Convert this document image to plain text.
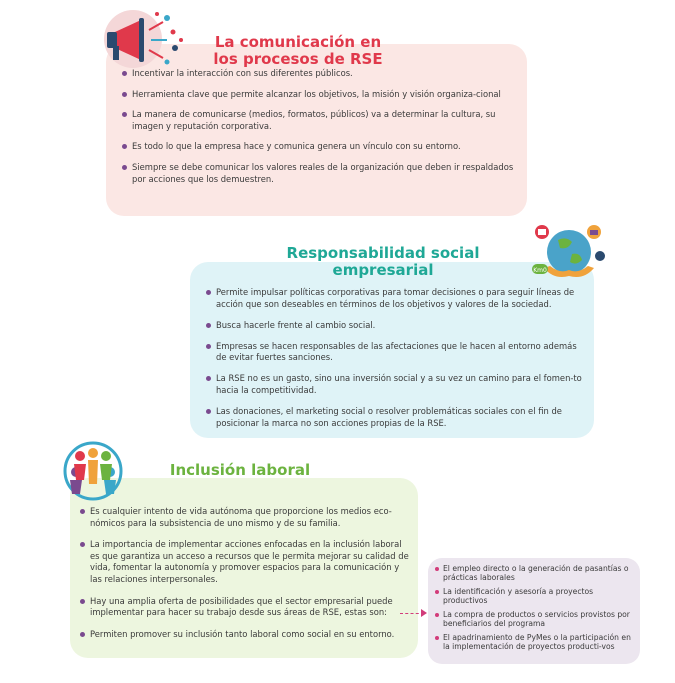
Incentivar la interacción con sus diferentes públicos.
Herramienta clave que permite alcanzar los objetivos, la misión y visión organiza-cional
La manera de comunicarse (medios, formatos, públicos) va a determinar la cultura, su imagen y reputación corporativa.
Es todo lo que la empresa hace y comunica genera un vínculo con su entorno.
Siempre se debe comunicar los valores reales de la organización que deben ir respaldados por acciones que los demuestren.
La comunicación en
los procesos de RSE
Permite impulsar políticas corporativas para tomar decisiones o para seguir líneas de acción que son deseables en términos de los objetivos y valores de la sociedad.
Busca hacerle frente al cambio social.
Empresas se hacen responsables de las afectaciones que le hacen al entorno además de evitar fuertes sanciones.
La RSE no es un gasto, sino una inversión social y a su vez un camino para el fomen-to hacia la competitividad.
Las donaciones, el marketing social o resolver problemáticas sociales con el fin de posicionar la marca no son acciones propias de la RSE.
Responsabilidad social
empresarial	Km0
Es cualquier intento de vida autónoma que proporcione los medios eco-nómicos para la subsistencia de uno mismo y de su familia.
La importancia de implementar acciones enfocadas en la inclusión laboral es que garantiza un acceso a recursos que le permita mejorar su calidad de vida, fomentar la autonomía y promover espacios para la comunicación y las relaciones interpersonales.
Hay una amplia oferta de posibilidades que el sector empresarial puede implementar para hacer su trabajo desde sus áreas de RSE, estas son:
Permiten promover su inclusión tanto laboral como social en su entorno.
Inclusión laboral
El empleo directo o la generación de pasantías o prácticas laborales
La identificación y asesoría a proyectos productivos
La compra de productos o servicios provistos por beneficiarios del programa
El apadrinamiento de PyMes o la participación en la implementación de proyectos producti-vos
